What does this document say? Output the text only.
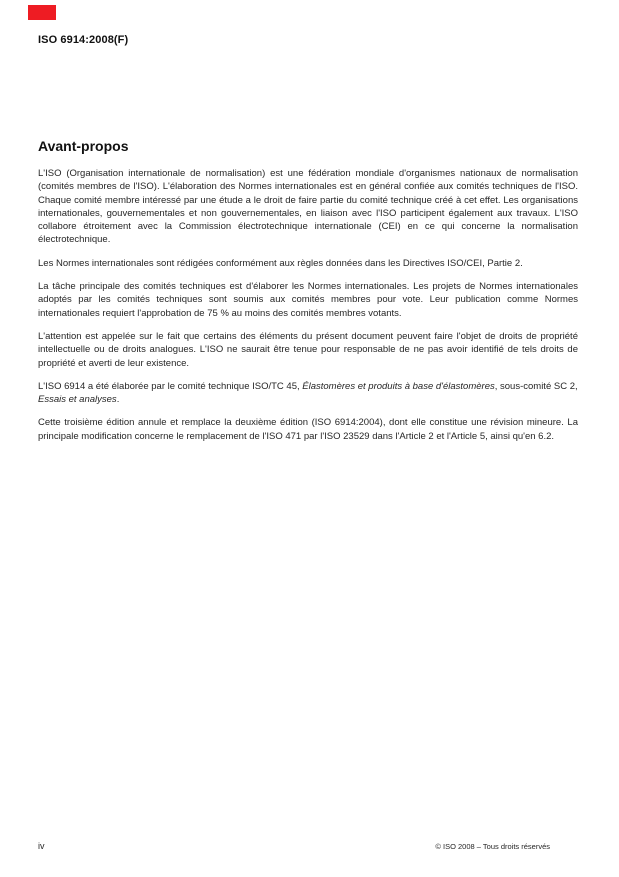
ISO 6914:2008(F)
Avant-propos

L'ISO (Organisation internationale de normalisation) est une fédération mondiale d'organismes nationaux de normalisation (comités membres de l'ISO). L'élaboration des Normes internationales est en général confiée aux comités techniques de l'ISO. Chaque comité membre intéressé par une étude a le droit de faire partie du comité technique créé à cet effet. Les organisations internationales, gouvernementales et non gouvernementales, en liaison avec l'ISO participent également aux travaux. L'ISO collabore étroitement avec la Commission électrotechnique internationale (CEI) en ce qui concerne la normalisation électrotechnique.

Les Normes internationales sont rédigées conformément aux règles données dans les Directives ISO/CEI, Partie 2.

La tâche principale des comités techniques est d'élaborer les Normes internationales. Les projets de Normes internationales adoptés par les comités techniques sont soumis aux comités membres pour vote. Leur publication comme Normes internationales requiert l'approbation de 75 % au moins des comités membres votants.

L'attention est appelée sur le fait que certains des éléments du présent document peuvent faire l'objet de droits de propriété intellectuelle ou de droits analogues. L'ISO ne saurait être tenue pour responsable de ne pas avoir identifié de tels droits de propriété et averti de leur existence.

L'ISO 6914 a été élaborée par le comité technique ISO/TC 45, Élastomères et produits à base d'élastomères, sous-comité SC 2, Essais et analyses.

Cette troisième édition annule et remplace la deuxième édition (ISO 6914:2004), dont elle constitue une révision mineure. La principale modification concerne le remplacement de l'ISO 471 par l'ISO 23529 dans l'Article 2 et l'Article 5, ainsi qu'en 6.2.

iv	© ISO 2008 – Tous droits réservés
